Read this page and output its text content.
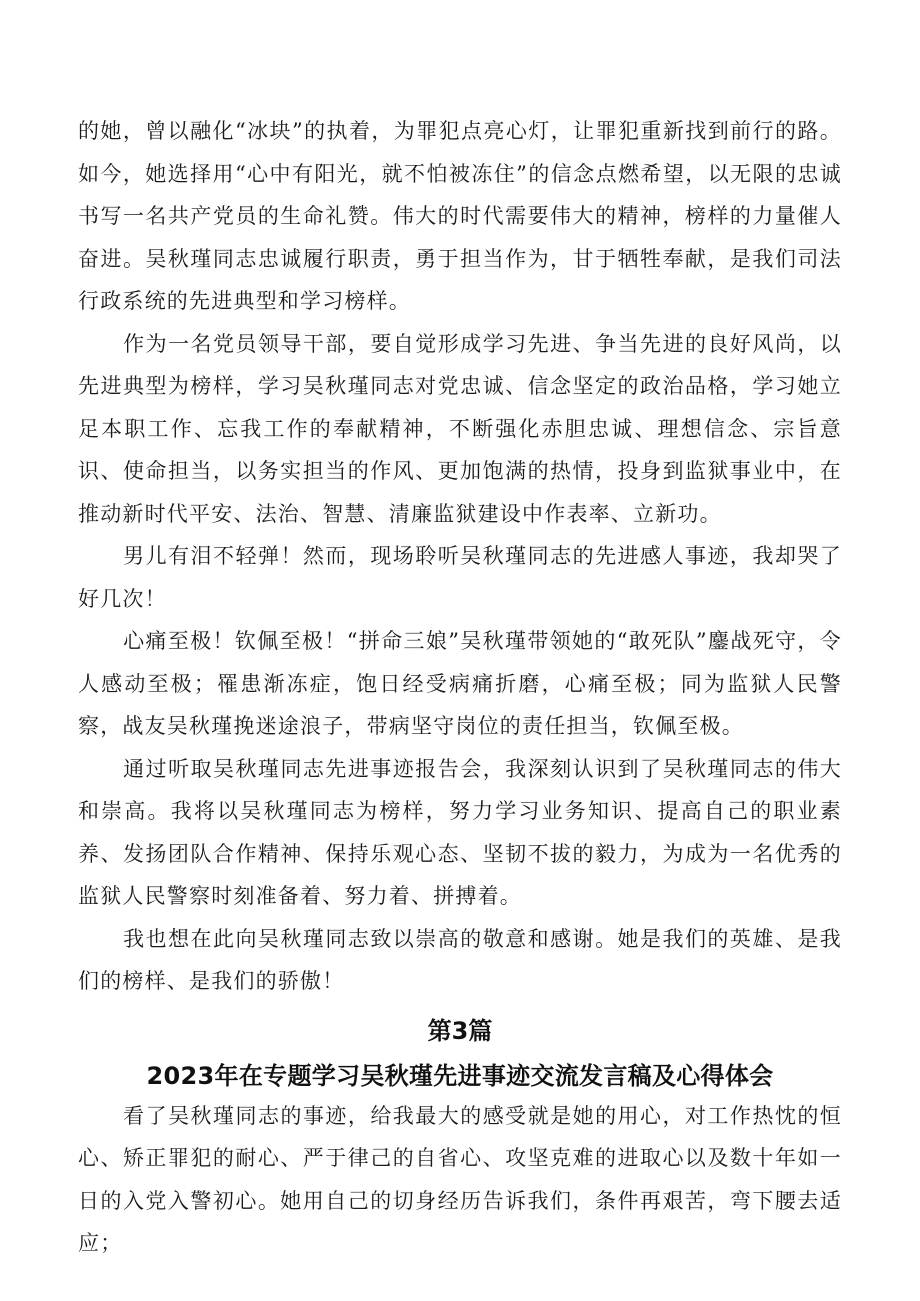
的她，曾以融化“冰块”的执着，为罪犯点亮心灯，让罪犯重新找到前行的路。如今，她选择用“心中有阳光，就不怕被冻住”的信念点燃希望，以无限的忠诚书写一名共产党员的生命礼赞。伟大的时代需要伟大的精神，榜样的力量催人奋进。吴秋瑾同志忠诚履行职责，勇于担当作为，甘于牺牲奉献，是我们司法行政系统的先进典型和学习榜样。

作为一名党员领导干部，要自觉形成学习先进、争当先进的良好风尚，以先进典型为榜样，学习吴秋瑾同志对党忠诚、信念坚定的政治品格，学习她立足本职工作、忘我工作的奉献精神，不断强化赤胆忠诚、理想信念、宗旨意识、使命担当，以务实担当的作风、更加饱满的热情，投身到监狱事业中，在推动新时代平安、法治、智慧、清廉监狱建设中作表率、立新功。

男儿有泪不轻弹！然而，现场聆听吴秋瑾同志的先进感人事迹，我却哭了好几次！

心痛至极！钦佩至极！“拼命三娘”吴秋瑾带领她的“敢死队”鏖战死守，令人感动至极；罹患渐冻症，饱日经受病痛折磨，心痛至极；同为监狱人民警察，战友吴秋瑾挽迷途浪子，带病坚守岗位的责任担当，钦佩至极。

通过听取吴秋瑾同志先进事迹报告会，我深刻认识到了吴秋瑾同志的伟大和崇高。我将以吴秋瑾同志为榜样，努力学习业务知识、提高自己的职业素养、发扬团队合作精神、保持乐观心态、坚韧不拔的毅力，为成为一名优秀的监狱人民警察时刻准备着、努力着、拼搏着。

我也想在此向吴秋瑾同志致以崇高的敬意和感谢。她是我们的英雄、是我们的榜样、是我们的骄傲！

第3篇
2023年在专题学习吴秋瑾先进事迹交流发言稿及心得体会

看了吴秋瑾同志的事迹，给我最大的感受就是她的用心，对工作热忱的恒心、矫正罪犯的耐心、严于律己的自省心、攻坚克难的进取心以及数十年如一日的入党入警初心。她用自己的切身经历告诉我们，条件再艰苦，弯下腰去适应；
